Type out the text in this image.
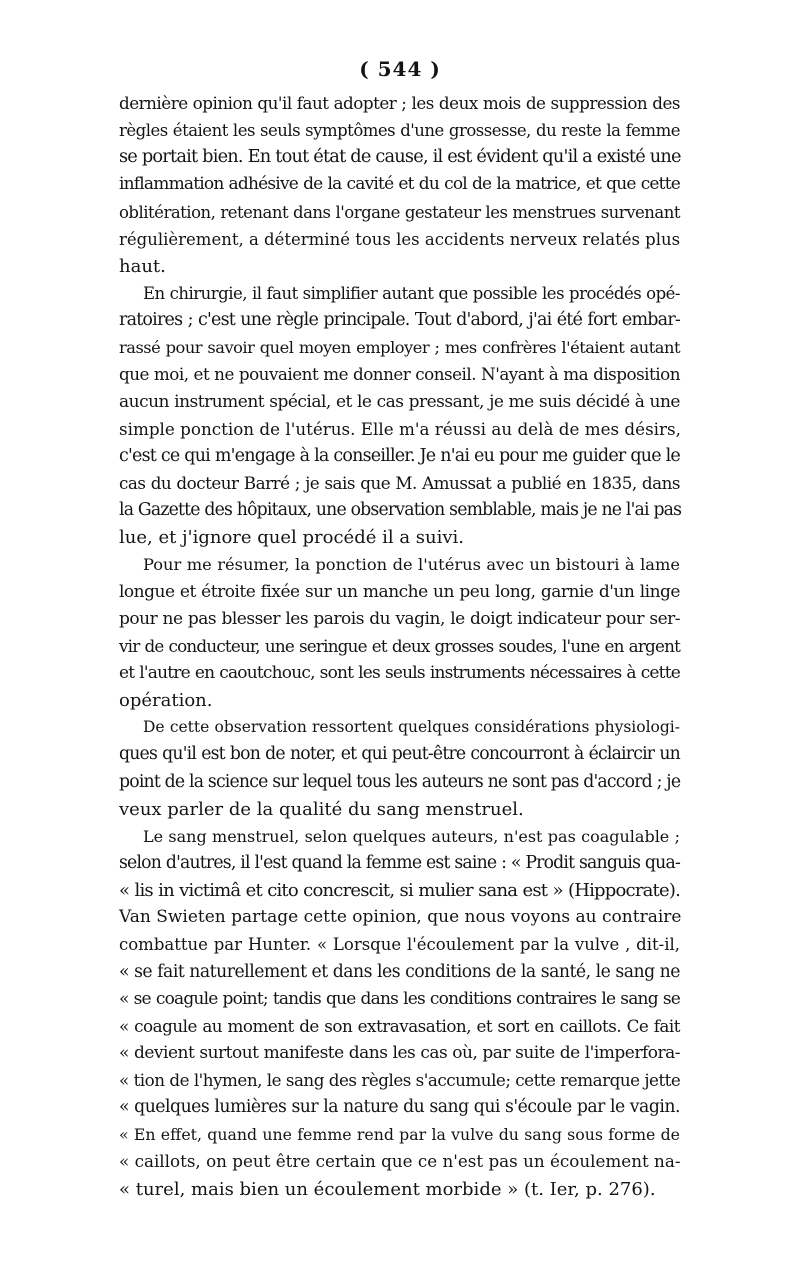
( 544 )
dernière opinion qu'il faut adopter ; les deux mois de suppression des
règles étaient les seuls symptômes d'une grossesse, du reste la femme
se portait bien. En tout état de cause, il est évident qu'il a existé une
inflammation adhésive de la cavité et du col de la matrice, et que cette
oblitération, retenant dans l'organe gestateur les menstrues survenant
régulièrement, a déterminé tous les accidents nerveux relatés plus
haut.
En chirurgie, il faut simplifier autant que possible les procédés opé-
ratoires ; c'est une règle principale. Tout d'abord, j'ai été fort embar-
rassé pour savoir quel moyen employer ; mes confrères l'étaient autant
que moi, et ne pouvaient me donner conseil. N'ayant à ma disposition
aucun instrument spécial, et le cas pressant, je me suis décidé à une
simple ponction de l'utérus. Elle m'a réussi au delà de mes désirs,
c'est ce qui m'engage à la conseiller. Je n'ai eu pour me guider que le
cas du docteur Barré ; je sais que M. Amussat a publié en 1835, dans
la Gazette des hôpitaux, une observation semblable, mais je ne l'ai pas
lue, et j'ignore quel procédé il a suivi.
Pour me résumer, la ponction de l'utérus avec un bistouri à lame
longue et étroite fixée sur un manche un peu long, garnie d'un linge
pour ne pas blesser les parois du vagin, le doigt indicateur pour ser-
vir de conducteur, une seringue et deux grosses soudes, l'une en argent
et l'autre en caoutchouc, sont les seuls instruments nécessaires à cette
opération.
De cette observation ressortent quelques considérations physiologi-
ques qu'il est bon de noter, et qui peut-être concourront à éclaircir un
point de la science sur lequel tous les auteurs ne sont pas d'accord ; je
veux parler de la qualité du sang menstruel.
Le sang menstruel, selon quelques auteurs, n'est pas coagulable ;
selon d'autres, il l'est quand la femme est saine : « Prodit sanguis qua-
« lis in victimâ et cito concrescit, si mulier sana est » (Hippocrate).
Van Swieten partage cette opinion, que nous voyons au contraire
combattue par Hunter. « Lorsque l'écoulement par la vulve , dit-il,
« se fait naturellement et dans les conditions de la santé, le sang ne
« se coagule point; tandis que dans les conditions contraires le sang se
« coagule au moment de son extravasation, et sort en caillots. Ce fait
« devient surtout manifeste dans les cas où, par suite de l'imperfora-
« tion de l'hymen, le sang des règles s'accumule; cette remarque jette
« quelques lumières sur la nature du sang qui s'écoule par le vagin.
« En effet, quand une femme rend par la vulve du sang sous forme de
« caillots, on peut être certain que ce n'est pas un écoulement na-
« turel, mais bien un écoulement morbide » (t. Ier, p. 276).
